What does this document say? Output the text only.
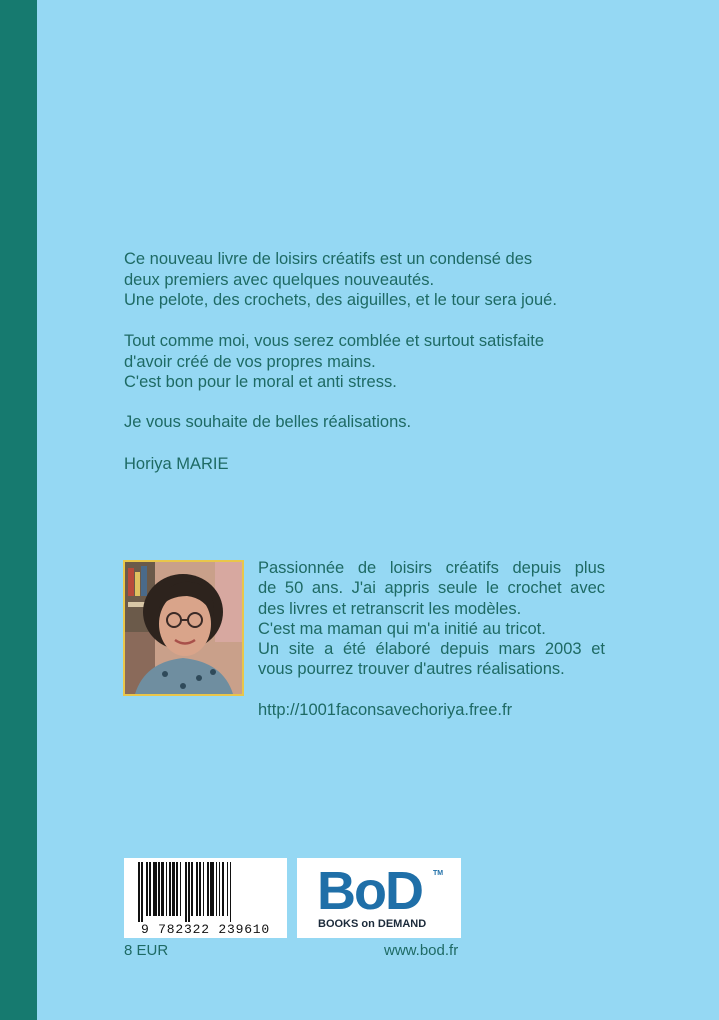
Ce nouveau livre de loisirs créatifs est un condensé des
deux premiers avec quelques nouveautés.
Une pelote, des crochets, des aiguilles, et le tour sera joué.

Tout comme moi, vous serez comblée et surtout satisfaite
d'avoir créé de vos propres mains.
C'est bon pour le moral et anti stress.

Je vous souhaite de belles réalisations.

Horiya MARIE

Passionnée de loisirs créatifs depuis plus
de 50 ans. J'ai appris seule le crochet avec
des livres et retranscrit les modèles.
C'est ma maman qui m'a initié au tricot.
Un site a été élaboré depuis mars 2003 et
vous pourrez trouver d'autres réalisations.

http://1001faconsavechoriya.free.fr

9 782322 239610
BoD TM
BOOKS on DEMAND

8 EUR	www.bod.fr
